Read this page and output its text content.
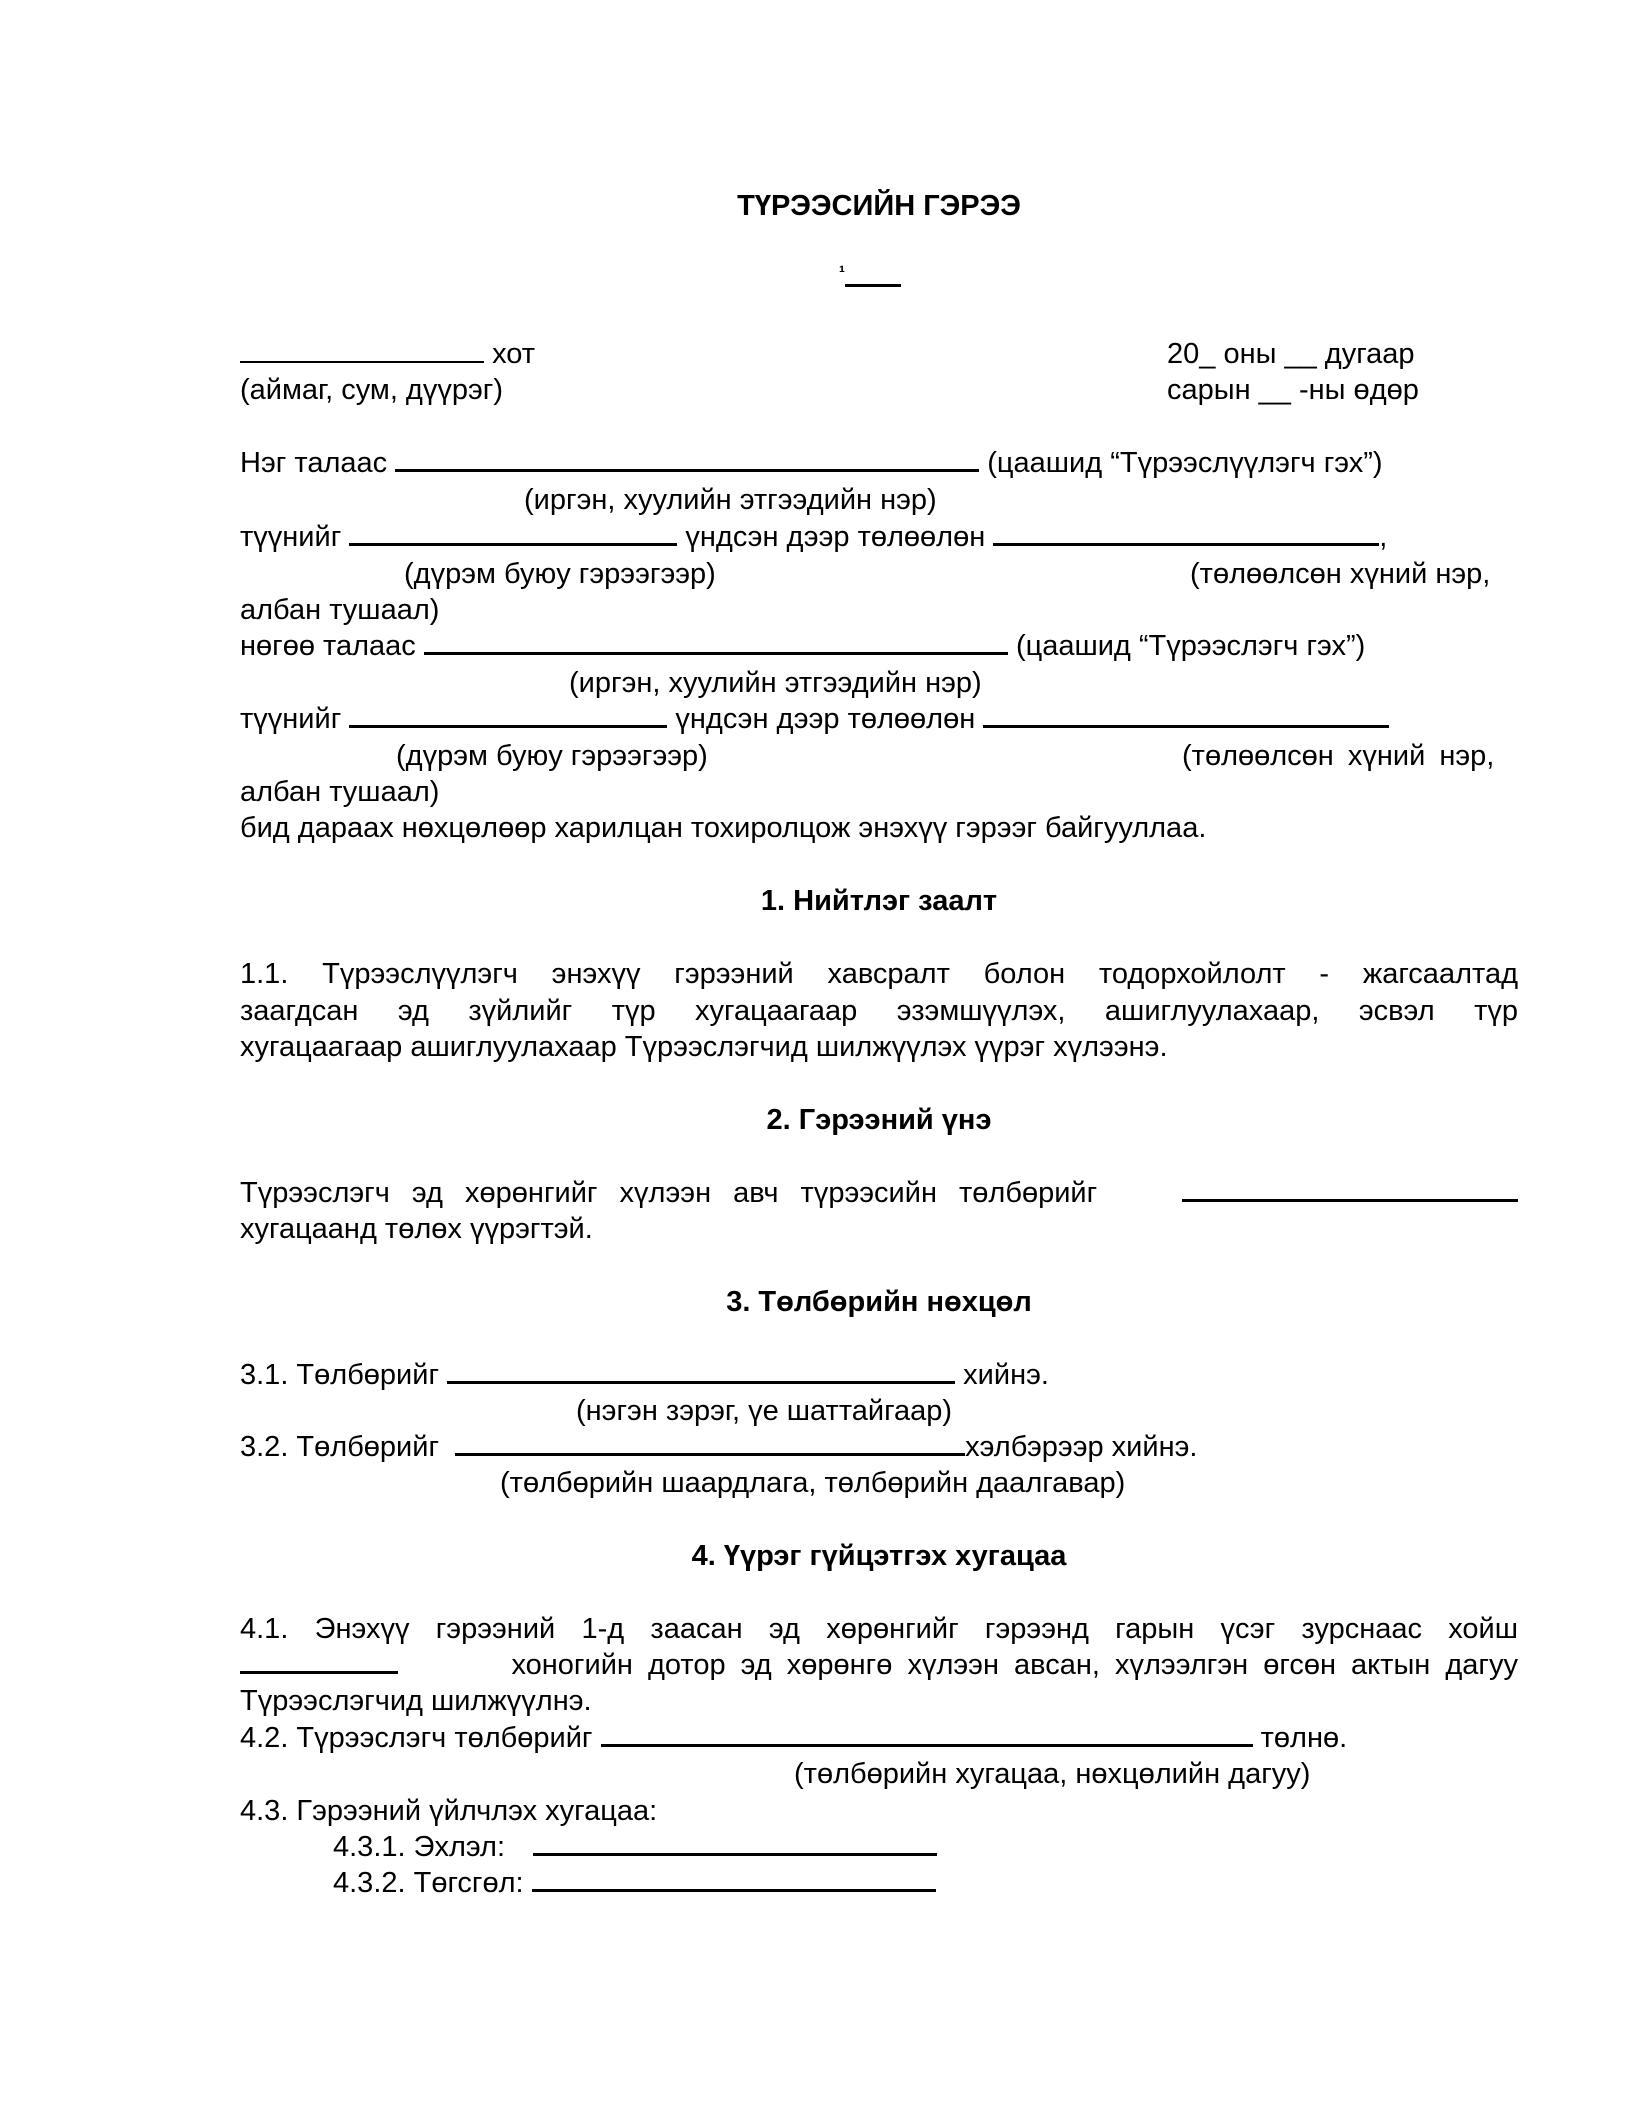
ТҮРЭЭСИЙН ГЭРЭЭ
$^{^1}$
хот
(аймаг, сум, дүүрэг)
20_ оны __ дугаар
сарын __ -ны өдөр
Нэг талаас	(цаашид “Түрээслүүлэгч гэх”)
(иргэн, хуулийн этгээдийн нэр)
түүнийг	үндсэн дээр төлөөлөн	,
(дүрэм буюу гэрээгээр)	(төлөөлсөн хүний нэр,
албан тушаал)
нөгөө талаас	(цаашид “Түрээслэгч гэх”)
(иргэн, хуулийн этгээдийн нэр)
түүнийг	үндсэн дээр төлөөлөн
(дүрэм буюу гэрээгээр)	(төлөөлсөн хүний нэр,
албан тушаал)
бид дараах нөхцөлөөр харилцан тохиролцож энэхүү гэрээг байгууллаа.
1. Нийтлэг заалт
1.1. Түрээслүүлэгч энэхүү гэрээний хавсралт болон тодорхойлолт - жагсаалтад
заагдсан эд зүйлийг түр хугацаагаар эзэмшүүлэх, ашиглуулахаар, эсвэл түр
хугацаагаар ашиглуулахаар Түрээслэгчид шилжүүлэх үүрэг хүлээнэ.
2. Гэрээний үнэ
Түрээслэгч эд хөрөнгийг хүлээн авч түрээсийн төлбөрийг
хугацаанд төлөх үүрэгтэй.
3. Төлбөрийн нөхцөл
3.1. Төлбөрийг	хийнэ.
(нэгэн зэрэг, үе шаттайгаар)
3.2. Төлбөрийг	хэлбэрээр хийнэ.
(төлбөрийн шаардлага, төлбөрийн даалгавар)
4. Үүрэг гүйцэтгэх хугацаа
4.1. Энэхүү гэрээний 1-д заасан эд хөрөнгийг гэрээнд гарын үсэг зурснаас хойш
хоногийн дотор эд хөрөнгө хүлээн авсан, хүлээлгэн өгсөн актын дагуу
Түрээслэгчид шилжүүлнэ.
4.2. Түрээслэгч төлбөрийг	төлнө.
(төлбөрийн хугацаа, нөхцөлийн дагуу)
4.3. Гэрээний үйлчлэх хугацаа:
4.3.1. Эхлэл:
4.3.2. Төгсгөл:
